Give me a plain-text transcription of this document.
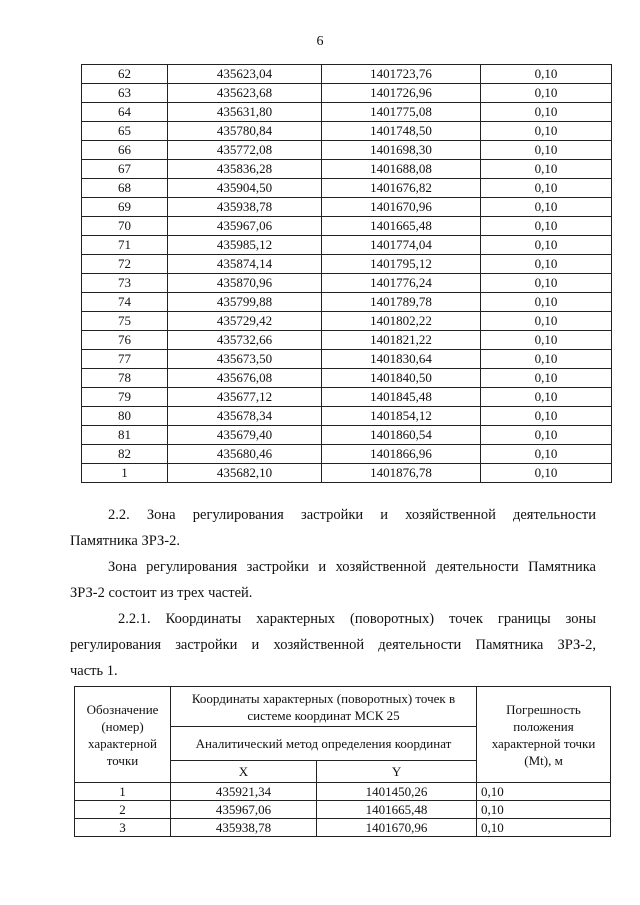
6
62	435623,04	1401723,76	0,10
63	435623,68	1401726,96	0,10
64	435631,80	1401775,08	0,10
65	435780,84	1401748,50	0,10
66	435772,08	1401698,30	0,10
67	435836,28	1401688,08	0,10
68	435904,50	1401676,82	0,10
69	435938,78	1401670,96	0,10
70	435967,06	1401665,48	0,10
71	435985,12	1401774,04	0,10
72	435874,14	1401795,12	0,10
73	435870,96	1401776,24	0,10
74	435799,88	1401789,78	0,10
75	435729,42	1401802,22	0,10
76	435732,66	1401821,22	0,10
77	435673,50	1401830,64	0,10
78	435676,08	1401840,50	0,10
79	435677,12	1401845,48	0,10
80	435678,34	1401854,12	0,10
81	435679,40	1401860,54	0,10
82	435680,46	1401866,96	0,10
1	435682,10	1401876,78	0,10
2.2. Зона регулирования застройки и хозяйственной деятельности
Памятника ЗРЗ-2.
Зона регулирования застройки и хозяйственной деятельности Памятника
ЗРЗ-2 состоит из трех частей.
2.2.1. Координаты характерных (поворотных) точек границы зоны
регулирования застройки и хозяйственной деятельности Памятника ЗРЗ-2,
часть 1.
Обозначение (номер) характерной точки	Координаты характерных (поворотных) точек в системе координат МСК 25		Погрешность положения характерной точки (Mt), м
	Аналитический метод определения координат		
	X	Y	
1	435921,34	1401450,26	0,10
2	435967,06	1401665,48	0,10
3	435938,78	1401670,96	0,10
